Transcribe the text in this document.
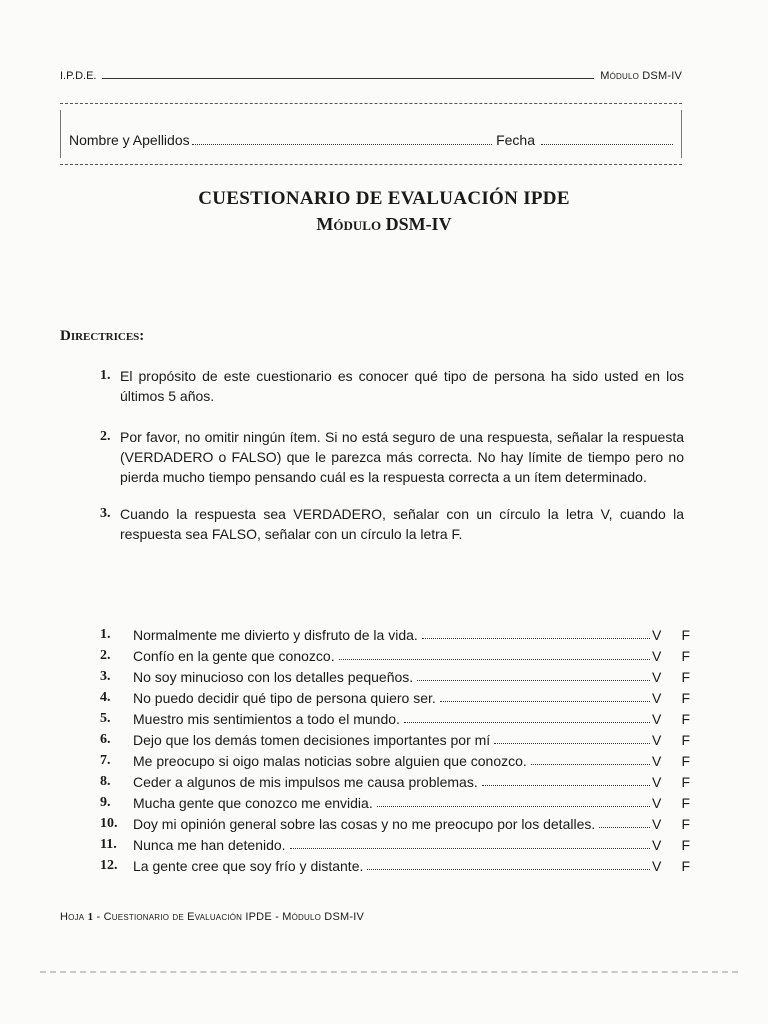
I.P.D.E.	Módulo DSM-IV
Nombre y Apellidos	Fecha
CUESTIONARIO DE EVALUACIÓN IPDE
Módulo DSM-IV
Directrices:
1. El propósito de este cuestionario es conocer qué tipo de persona ha sido usted en los últimos 5 años.
2. Por favor, no omitir ningún ítem. Si no está seguro de una respuesta, señalar la respuesta (VERDADERO o FALSO) que le parezca más correcta. No hay límite de tiempo pero no pierda mucho tiempo pensando cuál es la respuesta correcta a un ítem determinado.
3. Cuando la respuesta sea VERDADERO, señalar con un círculo la letra V, cuando la respuesta sea FALSO, señalar con un círculo la letra F.
1.	Normalmente me divierto y disfruto de la vida.	V	F
2.	Confío en la gente que conozco.	V	F
3.	No soy minucioso con los detalles pequeños.	V	F
4.	No puedo decidir qué tipo de persona quiero ser.	V	F
5.	Muestro mis sentimientos a todo el mundo.	V	F
6.	Dejo que los demás tomen decisiones importantes por mí	V	F
7.	Me preocupo si oigo malas noticias sobre alguien que conozco.	V	F
8.	Ceder a algunos de mis impulsos me causa problemas.	V	F
9.	Mucha gente que conozco me envidia.	V	F
10.	Doy mi opinión general sobre las cosas y no me preocupo por los detalles.	V	F
11.	Nunca me han detenido.	V	F
12.	La gente cree que soy frío y distante.	V	F
Hoja 1 - Cuestionario de Evaluación IPDE - Módulo DSM-IV
